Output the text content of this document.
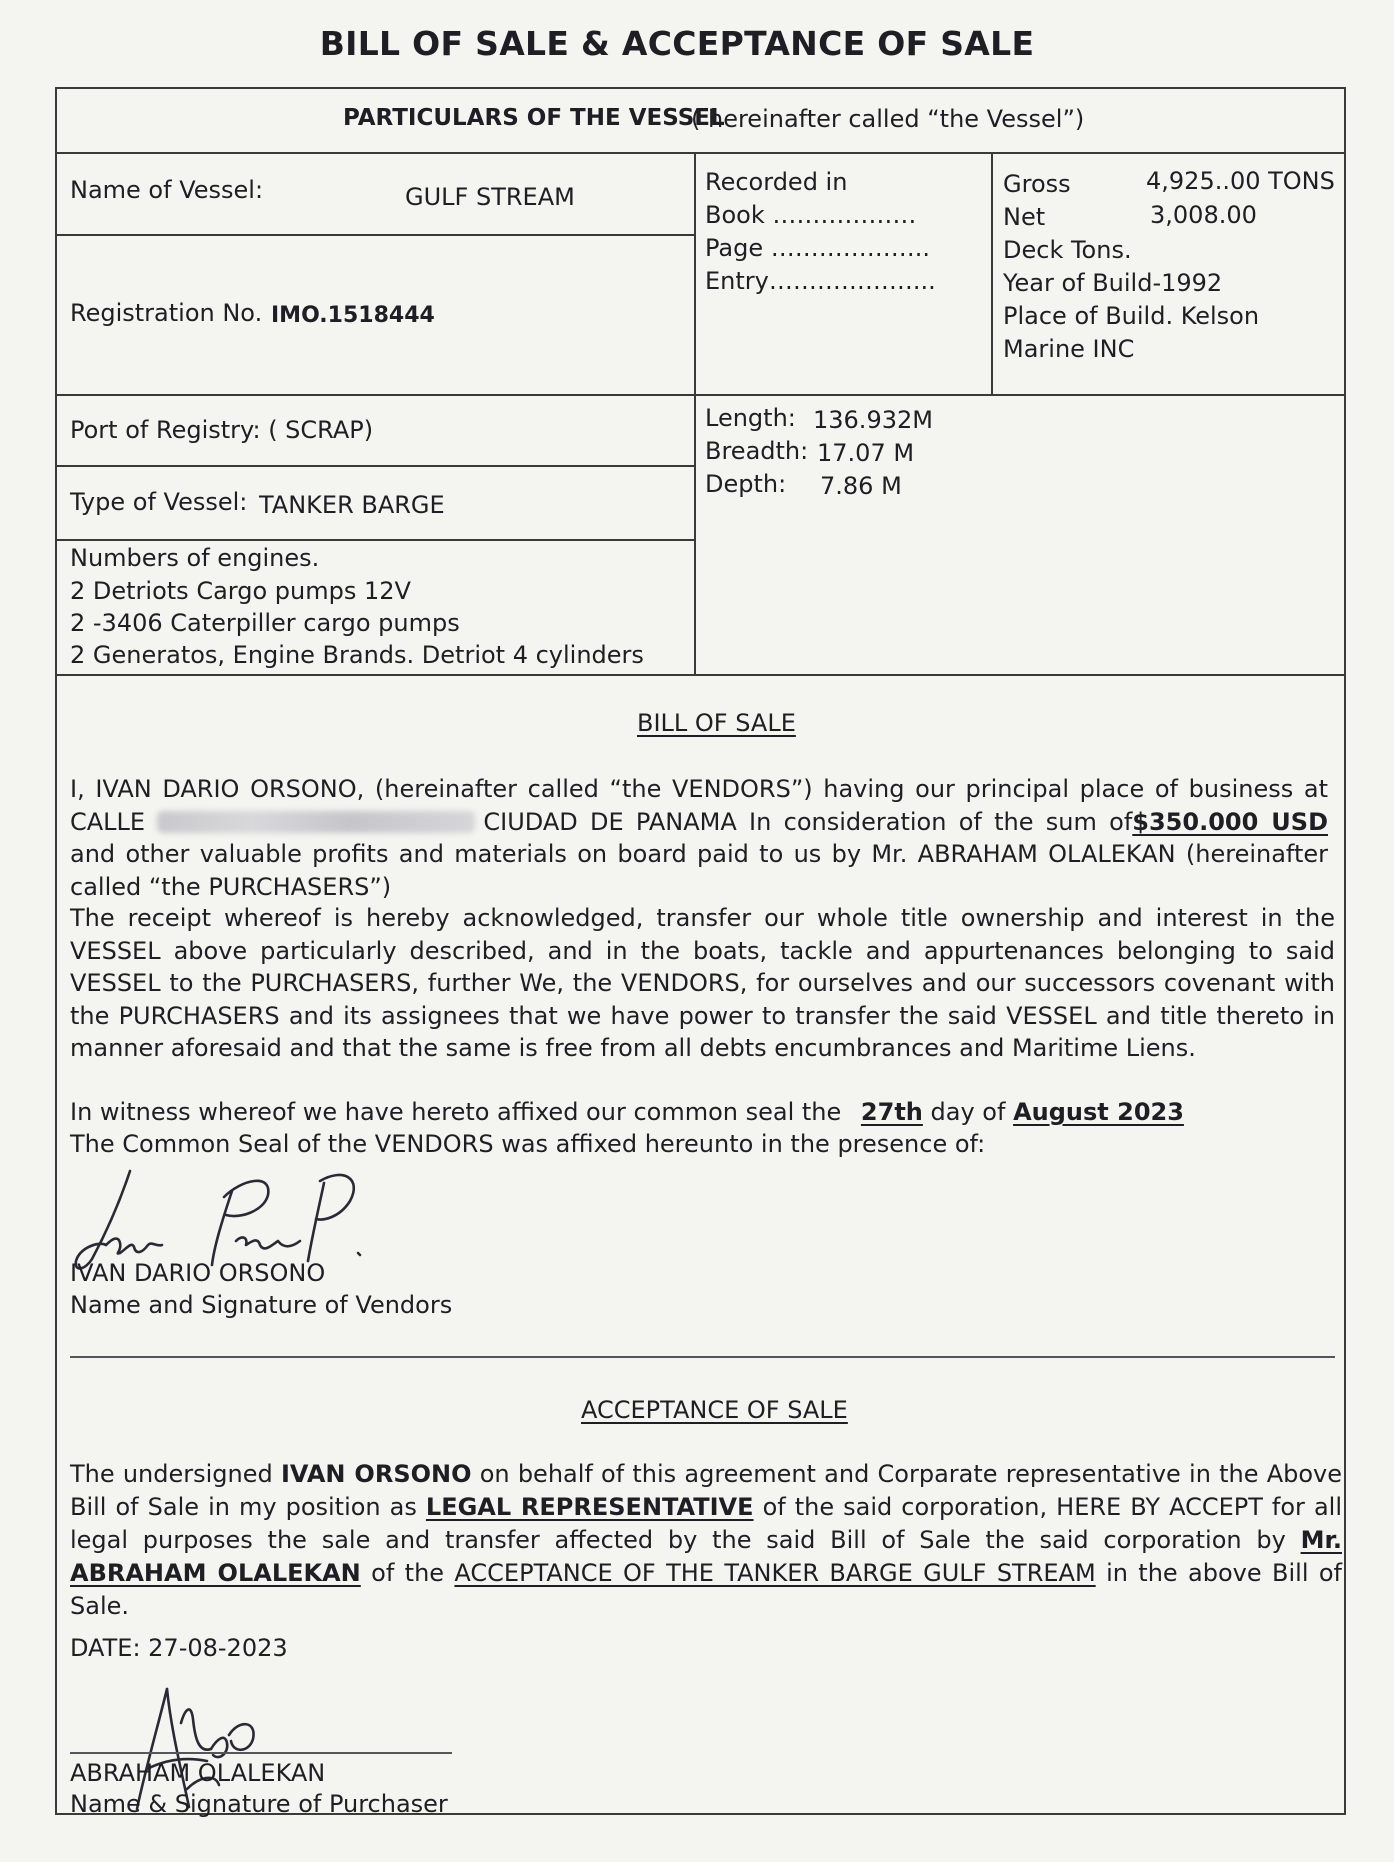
BILL OF SALE & ACCEPTANCE OF SALE
PARTICULARS OF THE VESSEL
( hereinafter called “the Vessel”)
Name of Vessel:	GULF STREAM
Registration No. IMO.1518444
Recorded in
Book ………………
Page ………………..
Entry………………...
Gross	4,925..00 TONS
Net	3,008.00
Deck Tons.
Year of Build-1992
Place of Build. Kelson
Marine INC
Port of Registry: ( SCRAP)
Type of Vessel: TANKER BARGE
Length: 136.932M
Breadth: 17.07 M
Depth: 7.86 M
Numbers of engines.
2 Detriots Cargo pumps 12V
2 -3406 Caterpiller cargo pumps
2 Generatos, Engine Brands. Detriot 4 cylinders
BILL OF SALE
I, IVAN DARIO ORSONO, (hereinafter called “the VENDORS”) having our principal place of business at CALLE	CIUDAD DE PANAMA In consideration of the sum of$350.000 USD and other valuable profits and materials on board paid to us by Mr. ABRAHAM OLALEKAN (hereinafter called “the PURCHASERS”)
The receipt whereof is hereby acknowledged, transfer our whole title ownership and interest in the VESSEL above particularly described, and in the boats, tackle and appurtenances belonging to said VESSEL to the PURCHASERS, further We, the VENDORS, for ourselves and our successors covenant with the PURCHASERS and its assignees that we have power to transfer the said VESSEL and title thereto in manner aforesaid and that the same is free from all debts encumbrances and Maritime Liens.
In witness whereof we have hereto affixed our common seal the 27th day of August 2023
The Common Seal of the VENDORS was affixed hereunto in the presence of:
IVAN DARIO ORSONO
Name and Signature of Vendors
ACCEPTANCE OF SALE
The undersigned IVAN ORSONO on behalf of this agreement and Corparate representative in the Above Bill of Sale in my position as LEGAL REPRESENTATIVE of the said corporation, HERE BY ACCEPT for all legal purposes the sale and transfer affected by the said Bill of Sale the said corporation by Mr. ABRAHAM OLALEKAN of the ACCEPTANCE OF THE TANKER BARGE GULF STREAM in the above Bill of Sale.
DATE: 27-08-2023
ABRAHAM OLALEKAN
Name & Signature of Purchaser
